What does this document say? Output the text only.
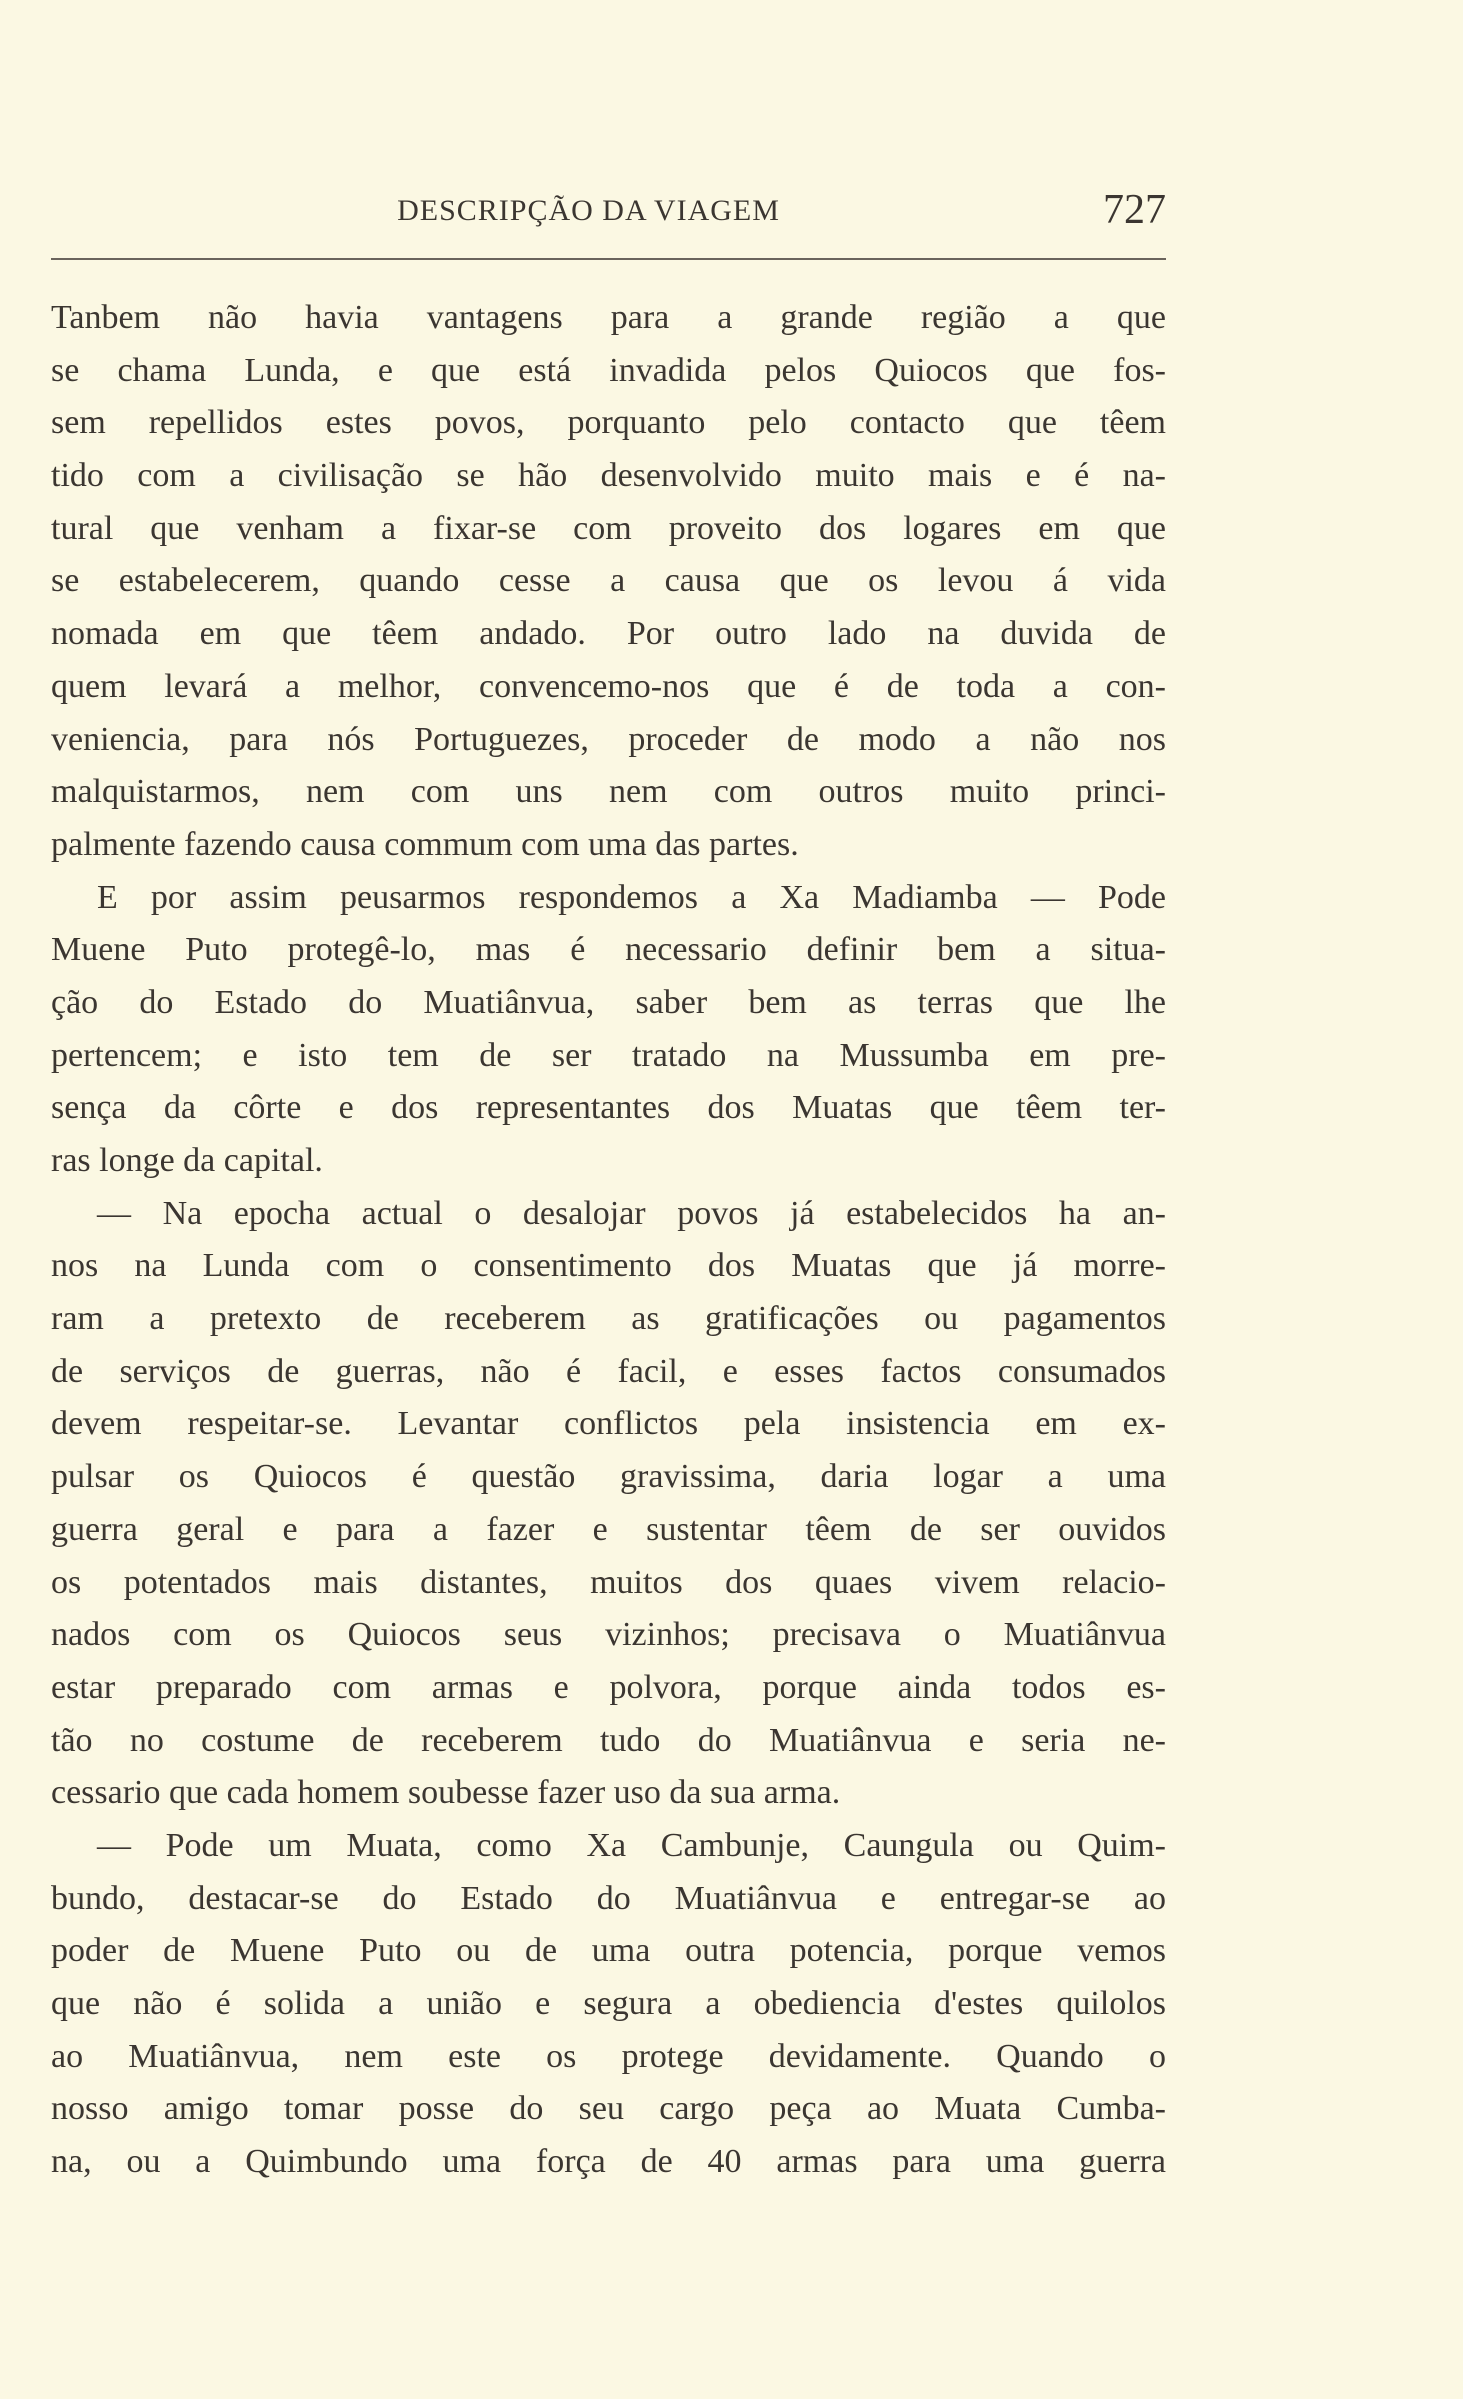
DESCRIPÇÃO DA VIAGEM	727
Tanbem não havia vantagens para a grande região a que
se chama Lunda, e que está invadida pelos Quiocos que fos-
sem repellidos estes povos, porquanto pelo contacto que têem
tido com a civilisação se hão desenvolvido muito mais e é na-
tural que venham a fixar-se com proveito dos logares em que
se estabelecerem, quando cesse a causa que os levou á vida
nomada em que têem andado. Por outro lado na duvida de
quem levará a melhor, convencemo-nos que é de toda a con-
veniencia, para nós Portuguezes, proceder de modo a não nos
malquistarmos, nem com uns nem com outros muito princi-
palmente fazendo causa commum com uma das partes.
E por assim peusarmos respondemos a Xa Madiamba — Pode
Muene Puto protegê-lo, mas é necessario definir bem a situa-
ção do Estado do Muatiânvua, saber bem as terras que lhe
pertencem; e isto tem de ser tratado na Mussumba em pre-
sença da côrte e dos representantes dos Muatas que têem ter-
ras longe da capital.
— Na epocha actual o desalojar povos já estabelecidos ha an-
nos na Lunda com o consentimento dos Muatas que já morre-
ram a pretexto de receberem as gratificações ou pagamentos
de serviços de guerras, não é facil, e esses factos consumados
devem respeitar-se. Levantar conflictos pela insistencia em ex-
pulsar os Quiocos é questão gravissima, daria logar a uma
guerra geral e para a fazer e sustentar têem de ser ouvidos
os potentados mais distantes, muitos dos quaes vivem relacio-
nados com os Quiocos seus vizinhos; precisava o Muatiânvua
estar preparado com armas e polvora, porque ainda todos es-
tão no costume de receberem tudo do Muatiânvua e seria ne-
cessario que cada homem soubesse fazer uso da sua arma.
— Pode um Muata, como Xa Cambunje, Caungula ou Quim-
bundo, destacar-se do Estado do Muatiânvua e entregar-se ao
poder de Muene Puto ou de uma outra potencia, porque vemos
que não é solida a união e segura a obediencia d'estes quilolos
ao Muatiânvua, nem este os protege devidamente. Quando o
nosso amigo tomar posse do seu cargo peça ao Muata Cumba-
na, ou a Quimbundo uma força de 40 armas para uma guerra
